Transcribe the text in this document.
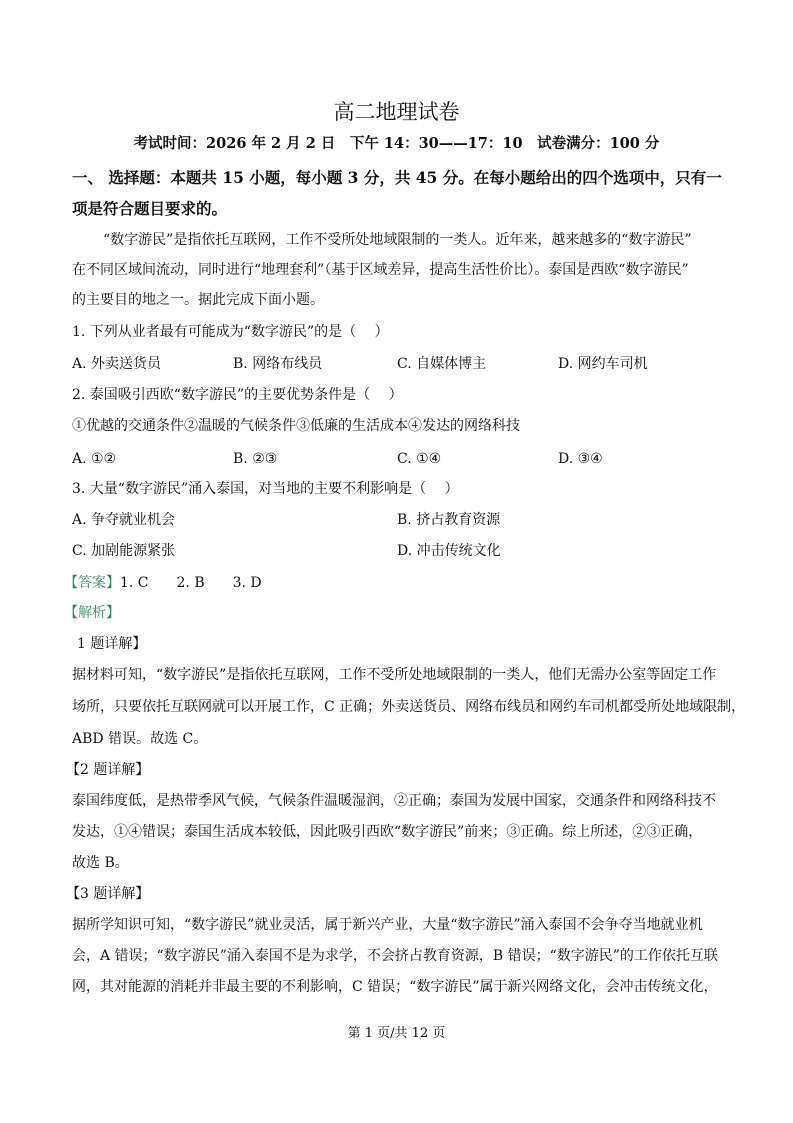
高二地理试卷
考试时间：2026 年 2 月 2 日　下午 14：30——17：10　试卷满分：100 分
一、 选择题：本题共 15 小题，每小题 3 分，共 45 分。在每小题给出的四个选项中，只有一
项是符合题目要求的。
“数字游民”是指依托互联网，工作不受所处地域限制的一类人。近年来，越来越多的“数字游民”
在不同区域间流动，同时进行“地理套利”（基于区域差异，提高生活性价比）。泰国是西欧“数字游民”
的主要目的地之一。据此完成下面小题。
1. 下列从业者最有可能成为“数字游民”的是（　 ）
A. 外卖送货员	B. 网络布线员	C. 自媒体博主	D. 网约车司机
2. 泰国吸引西欧“数字游民”的主要优势条件是（　 ）
①优越的交通条件②温暖的气候条件③低廉的生活成本④发达的网络科技
A. ①②	B. ②③	C. ①④	D. ③④
3. 大量“数字游民”涌入泰国，对当地的主要不利影响是（　 ）
A. 争夺就业机会	B. 挤占教育资源
C. 加剧能源紧张	D. 冲击传统文化
【答案】1. C　　2. B　　3. D
【解析】
1 题详解】
据材料可知，“数字游民”是指依托互联网，工作不受所处地域限制的一类人，他们无需办公室等固定工作
场所，只要依托互联网就可以开展工作，C 正确；外卖送货员、网络布线员和网约车司机都受所处地域限制，
ABD 错误。故选 C。
【2 题详解】
泰国纬度低，是热带季风气候，气候条件温暖湿润，②正确；泰国为发展中国家，交通条件和网络科技不
发达，①④错误；泰国生活成本较低，因此吸引西欧“数字游民”前来；③正确。综上所述，②③正确，
故选 B。
【3 题详解】
据所学知识可知，“数字游民”就业灵活，属于新兴产业，大量“数字游民”涌入泰国不会争夺当地就业机
会，A 错误；“数字游民”涌入泰国不是为求学，不会挤占教育资源，B 错误；“数字游民”的工作依托互联
网，其对能源的消耗并非最主要的不利影响，C 错误；“数字游民”属于新兴网络文化，会冲击传统文化，
第 1 页/共 12 页
